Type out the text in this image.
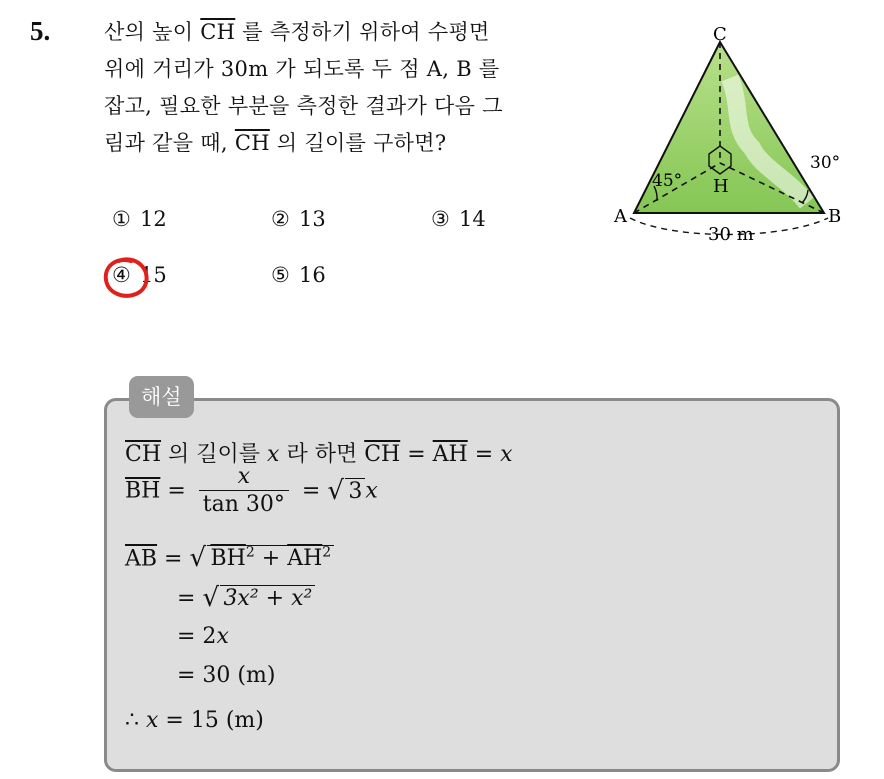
5.	산의 높이 $\overline{CH}$ 를 측정하기 위하여 수평면
위에 거리가 30m 가 되도록 두 점 A, B 를
잡고, 필요한 부분을 측정한 결과가 다음 그
림과 같을 때, $\overline{CH}$ 의 길이를 구하면?
① 12	② 13	③ 14
④ 15	⑤ 16
C
A	B
H
45°
30°
30 m
해설
$\overline{CH}$ 의 길이를 x 라 하면 $\overline{CH} = \overline{AH} = x$
$\overline{BH} = \frac{x}{\tan 30^\circ}$ = √ 3 x
$\overline{AB}$ = √ $BH^2 + \overline{AH}^2$
= √ 3x² + x²
= 2x
= 30 (m)
∴ x = 15 (m)
